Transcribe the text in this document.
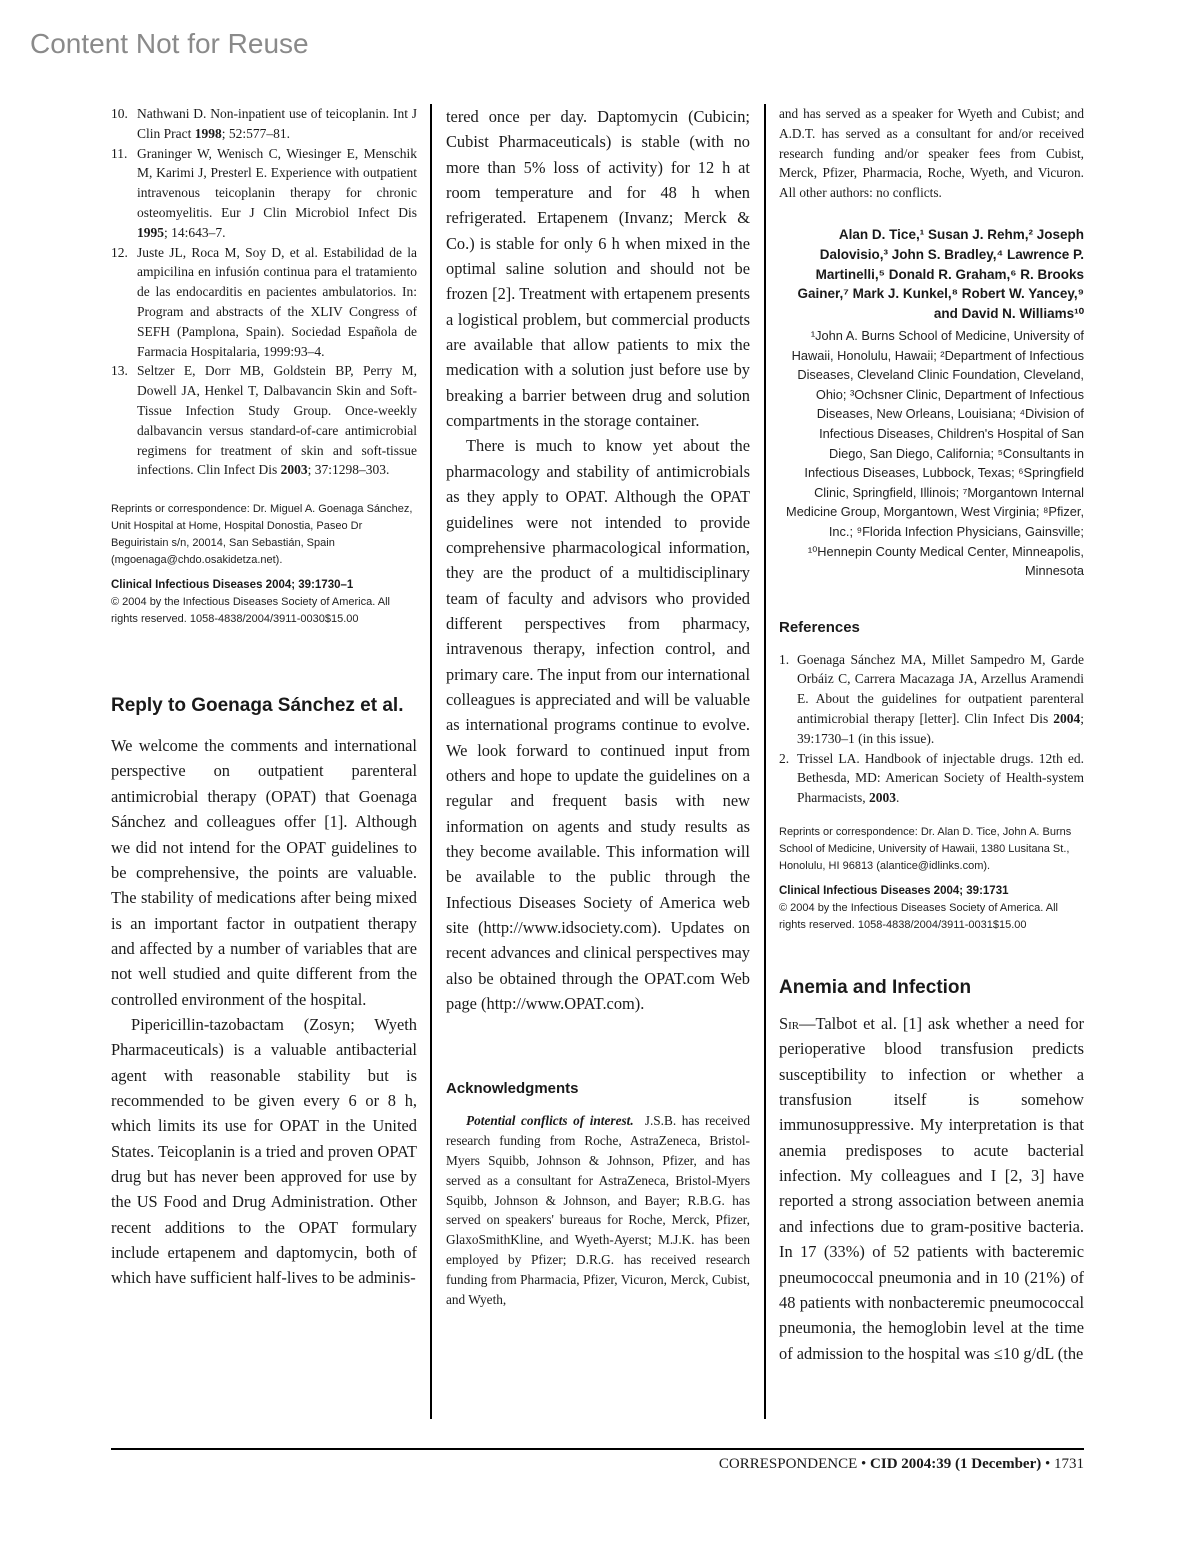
Content Not for Reuse
10. Nathwani D. Non-inpatient use of teicoplanin. Int J Clin Pract 1998; 52:577–81.
11. Graninger W, Wenisch C, Wiesinger E, Menschik M, Karimi J, Presterl E. Experience with outpatient intravenous teicoplanin therapy for chronic osteomyelitis. Eur J Clin Microbiol Infect Dis 1995; 14:643–7.
12. Juste JL, Roca M, Soy D, et al. Estabilidad de la ampicilina en infusión continua para el tratamiento de las endocarditis en pacientes ambulatorios. In: Program and abstracts of the XLIV Congress of SEFH (Pamplona, Spain). Sociedad Española de Farmacia Hospitalaria, 1999:93–4.
13. Seltzer E, Dorr MB, Goldstein BP, Perry M, Dowell JA, Henkel T, Dalbavancin Skin and Soft-Tissue Infection Study Group. Once-weekly dalbavancin versus standard-of-care antimicrobial regimens for treatment of skin and soft-tissue infections. Clin Infect Dis 2003; 37:1298–303.
Reprints or correspondence: Dr. Miguel A. Goenaga Sánchez, Unit Hospital at Home, Hospital Donostia, Paseo Dr Beguiristain s/n, 20014, San Sebastián, Spain (mgoenaga@chdo.osakidetza.net).
Clinical Infectious Diseases 2004; 39:1730–1
© 2004 by the Infectious Diseases Society of America. All rights reserved. 1058-4838/2004/3911-0030$15.00
Reply to Goenaga Sánchez et al.

We welcome the comments and international perspective on outpatient parenteral antimicrobial therapy (OPAT) that Goenaga Sánchez and colleagues offer [1]. Although we did not intend for the OPAT guidelines to be comprehensive, the points are valuable. The stability of medications after being mixed is an important factor in outpatient therapy and affected by a number of variables that are not well studied and quite different from the controlled environment of the hospital.

Pipericillin-tazobactam (Zosyn; Wyeth Pharmaceuticals) is a valuable antibacterial agent with reasonable stability but is recommended to be given every 6 or 8 h, which limits its use for OPAT in the United States. Teicoplanin is a tried and proven OPAT drug but has never been approved for use by the US Food and Drug Administration. Other recent additions to the OPAT formulary include ertapenem and daptomycin, both of which have sufficient half-lives to be adminis-

tered once per day. Daptomycin (Cubicin; Cubist Pharmaceuticals) is stable (with no more than 5% loss of activity) for 12 h at room temperature and for 48 h when refrigerated. Ertapenem (Invanz; Merck & Co.) is stable for only 6 h when mixed in the optimal saline solution and should not be frozen [2]. Treatment with ertapenem presents a logistical problem, but commercial products are available that allow patients to mix the medication with a solution just before use by breaking a barrier between drug and solution compartments in the storage container.

There is much to know yet about the pharmacology and stability of antimicrobials as they apply to OPAT. Although the OPAT guidelines were not intended to provide comprehensive pharmacological information, they are the product of a multidisciplinary team of faculty and advisors who provided different perspectives from pharmacy, intravenous therapy, infection control, and primary care. The input from our international colleagues is appreciated and will be valuable as international programs continue to evolve. We look forward to continued input from others and hope to update the guidelines on a regular and frequent basis with new information on agents and study results as they become available. This information will be available to the public through the Infectious Diseases Society of America web site (http://www.idsociety.com). Updates on recent advances and clinical perspectives may also be obtained through the OPAT.com Web page (http://www.OPAT.com).

Acknowledgments

Potential conflicts of interest. J.S.B. has received research funding from Roche, AstraZeneca, Bristol-Myers Squibb, Johnson & Johnson, Pfizer, and has served as a consultant for AstraZeneca, Bristol-Myers Squibb, Johnson & Johnson, and Bayer; R.B.G. has served on speakers' bureaus for Roche, Merck, Pfizer, GlaxoSmithKline, and Wyeth-Ayerst; M.J.K. has been employed by Pfizer; D.R.G. has received research funding from Pharmacia, Pfizer, Vicuron, Merck, Cubist, and Wyeth,

and has served as a speaker for Wyeth and Cubist; and A.D.T. has served as a consultant for and/or received research funding and/or speaker fees from Cubist, Merck, Pfizer, Pharmacia, Roche, Wyeth, and Vicuron. All other authors: no conflicts.

Alan D. Tice,¹ Susan J. Rehm,² Joseph Dalovisio,³ John S. Bradley,⁴ Lawrence P. Martinelli,⁵ Donald R. Graham,⁶ R. Brooks Gainer,⁷ Mark J. Kunkel,⁸ Robert W. Yancey,⁹ and David N. Williams¹⁰
¹John A. Burns School of Medicine, University of Hawaii, Honolulu, Hawaii; ²Department of Infectious Diseases, Cleveland Clinic Foundation, Cleveland, Ohio; ³Ochsner Clinic, Department of Infectious Diseases, New Orleans, Louisiana; ⁴Division of Infectious Diseases, Children's Hospital of San Diego, San Diego, California; ⁵Consultants in Infectious Diseases, Lubbock, Texas; ⁶Springfield Clinic, Springfield, Illinois; ⁷Morgantown Internal Medicine Group, Morgantown, West Virginia; ⁸Pfizer, Inc.; ⁹Florida Infection Physicians, Gainsville; ¹⁰Hennepin County Medical Center, Minneapolis, Minnesota
References
1. Goenaga Sánchez MA, Millet Sampedro M, Garde Orbáiz C, Carrera Macazaga JA, Arzellus Aramendi E. About the guidelines for outpatient parenteral antimicrobial therapy [letter]. Clin Infect Dis 2004; 39:1730–1 (in this issue).
2. Trissel LA. Handbook of injectable drugs. 12th ed. Bethesda, MD: American Society of Health-system Pharmacists, 2003.
Reprints or correspondence: Dr. Alan D. Tice, John A. Burns School of Medicine, University of Hawaii, 1380 Lusitana St., Honolulu, HI 96813 (alantice@idlinks.com).
Clinical Infectious Diseases 2004; 39:1731
© 2004 by the Infectious Diseases Society of America. All rights reserved. 1058-4838/2004/3911-0031$15.00
Anemia and Infection

Sir—Talbot et al. [1] ask whether a need for perioperative blood transfusion predicts susceptibility to infection or whether a transfusion itself is somehow immunosuppressive. My interpretation is that anemia predisposes to acute bacterial infection. My colleagues and I [2, 3] have reported a strong association between anemia and infections due to gram-positive bacteria. In 17 (33%) of 52 patients with bacteremic pneumococcal pneumonia and in 10 (21%) of 48 patients with nonbacteremic pneumococcal pneumonia, the hemoglobin level at the time of admission to the hospital was ≤10 g/dL (the

CORRESPONDENCE • CID 2004:39 (1 December) • 1731
